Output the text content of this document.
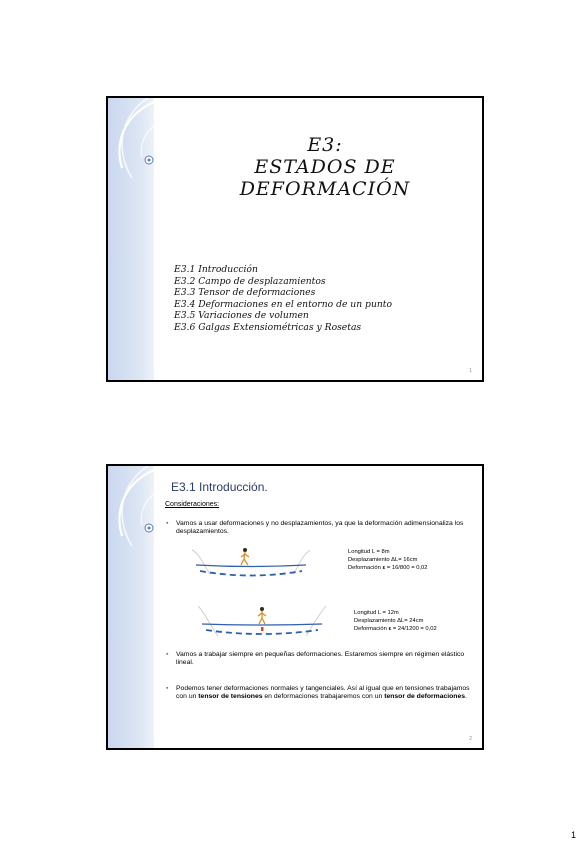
E3:
ESTADOS DE
DEFORMACIÓN
E3.1 Introducción
E3.2 Campo de desplazamientos
E3.3 Tensor de deformaciones
E3.4 Deformaciones en el entorno de un punto
E3.5 Variaciones de volumen
E3.6 Galgas Extensiométricas y Rosetas
1
E3.1 Introducción.
Consideraciones:
▪	Vamos a usar deformaciones y no desplazamientos, ya que la deformación adimensionaliza los desplazamientos.
Longitud L = 8m
Desplazamiento ΔL= 16cm
Deformación ε = 16/800 = 0,02
Longitud L = 12m
Desplazamiento ΔL= 24cm
Deformación ε = 24/1200 = 0,02
▪	Vamos a trabajar siempre en pequeñas deformaciones. Estaremos siempre en régimen elástico lineal.
▪	Podemos tener deformaciones normales y tangenciales. Así al igual que en tensiones trabajamos con un tensor de tensiones en deformaciones trabajaremos con un tensor de deformaciones.
2
1
